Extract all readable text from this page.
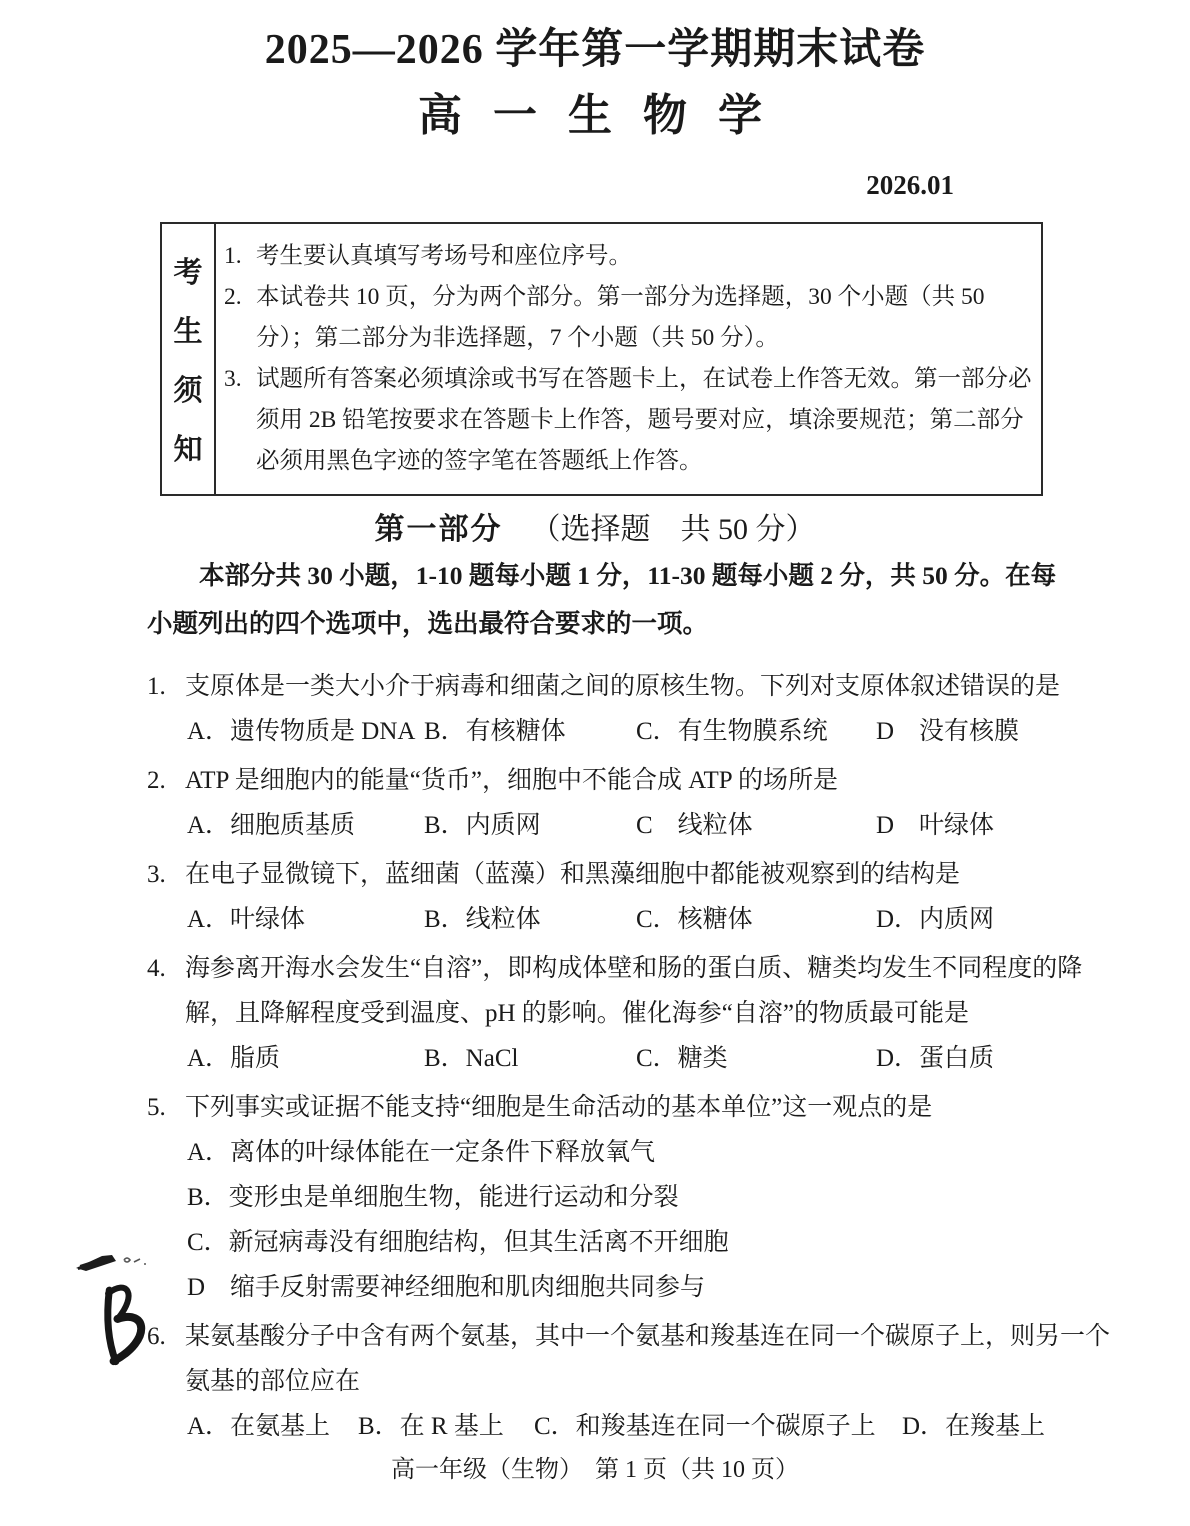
2025—2026 学年第一学期期末试卷
高 一 生 物 学
2026.01
考
生
须
知
1. 考生要认真填写考场号和座位序号。
2. 本试卷共 10 页，分为两个部分。第一部分为选择题，30 个小题（共 50 分）；第二部分为非选择题，7 个小题（共 50 分）。
3. 试题所有答案必须填涂或书写在答题卡上，在试卷上作答无效。第一部分必须用 2B 铅笔按要求在答题卡上作答，题号要对应，填涂要规范；第二部分必须用黑色字迹的签字笔在答题纸上作答。
第一部分 （选择题　共 50 分）
本部分共 30 小题，1-10 题每小题 1 分，11-30 题每小题 2 分，共 50 分。在每小题列出的四个选项中，选出最符合要求的一项。
1. 支原体是一类大小介于病毒和细菌之间的原核生物。下列对支原体叙述错误的是
A．遗传物质是 DNA B．有核糖体	C．有生物膜系统	D　没有核膜
2. ATP 是细胞内的能量“货币”，细胞中不能合成 ATP 的场所是
A．细胞质基质	B．内质网	C　线粒体	D　叶绿体
3. 在电子显微镜下，蓝细菌（蓝藻）和黑藻细胞中都能被观察到的结构是
A．叶绿体	B．线粒体	C．核糖体	D．内质网
4. 海参离开海水会发生“自溶”，即构成体壁和肠的蛋白质、糖类均发生不同程度的降解，且降解程度受到温度、pH 的影响。催化海参“自溶”的物质最可能是
A．脂质	B．NaCl	C．糖类	D．蛋白质
5. 下列事实或证据不能支持“细胞是生命活动的基本单位”这一观点的是
A．离体的叶绿体能在一定条件下释放氧气
B．变形虫是单细胞生物，能进行运动和分裂
C．新冠病毒没有细胞结构，但其生活离不开细胞
D　缩手反射需要神经细胞和肌肉细胞共同参与
6. 某氨基酸分子中含有两个氨基，其中一个氨基和羧基连在同一个碳原子上，则另一个氨基的部位应在
A．在氨基上	B．在 R 基上	C．和羧基连在同一个碳原子上	D．在羧基上
高一年级（生物）　第 1 页（共 10 页）
